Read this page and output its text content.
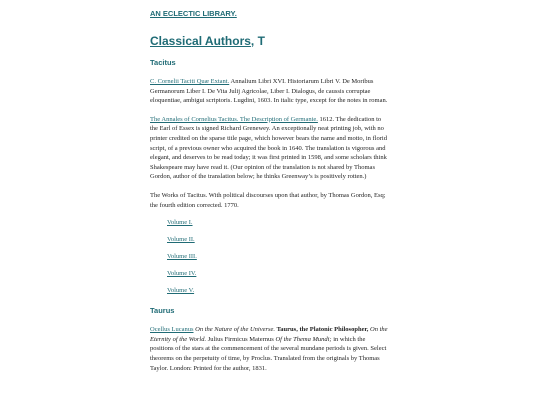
AN ECLECTIC LIBRARY.
Classical Authors, T
Tacitus

C. Cornelii Taciti Quæ Extant. Annalium Libri XVI. Historiarum Libri V. De Moribus Germanorum Liber I. De Vita Julij Agricolae, Liber I. Dialogus, de caussis corruptae eloquentiae, ambigui scriptoris. Lugdini, 1603. In italic type, except for the notes in roman.

The Annales of Cornelius Tacitus. The Description of Germanie. 1612. The dedication to the Earl of Essex is signed Richard Grenewey. An exceptionally neat printing job, with no printer credited on the sparse title page, which however bears the name and motto, in florid script, of a previous owner who acquired the book in 1640. The translation is vigorous and elegant, and deserves to be read today; it was first printed in 1598, and some scholars think Shakespeare may have read it. (Our opinion of the translation is not shared by Thomas Gordon, author of the translation below; he thinks Greenway’s is positively rotten.)

The Works of Tacitus. With political discourses upon that author, by Thomas Gordon, Esq; the fourth edition corrected. 1770.

Volume I.
Volume II.
Volume III.
Volume IV.
Volume V.
Taurus

Ocellus Lucanus On the Nature of the Universe. Taurus, the Platonic Philosopher, On the Eternity of the World. Julius Firmicus Maternus Of the Thema Mundi; in which the positions of the stars at the commencement of the several mundane periods is given. Select theorems on the perpetuity of time, by Proclus. Translated from the originals by Thomas Taylor. London: Printed for the author, 1831.
